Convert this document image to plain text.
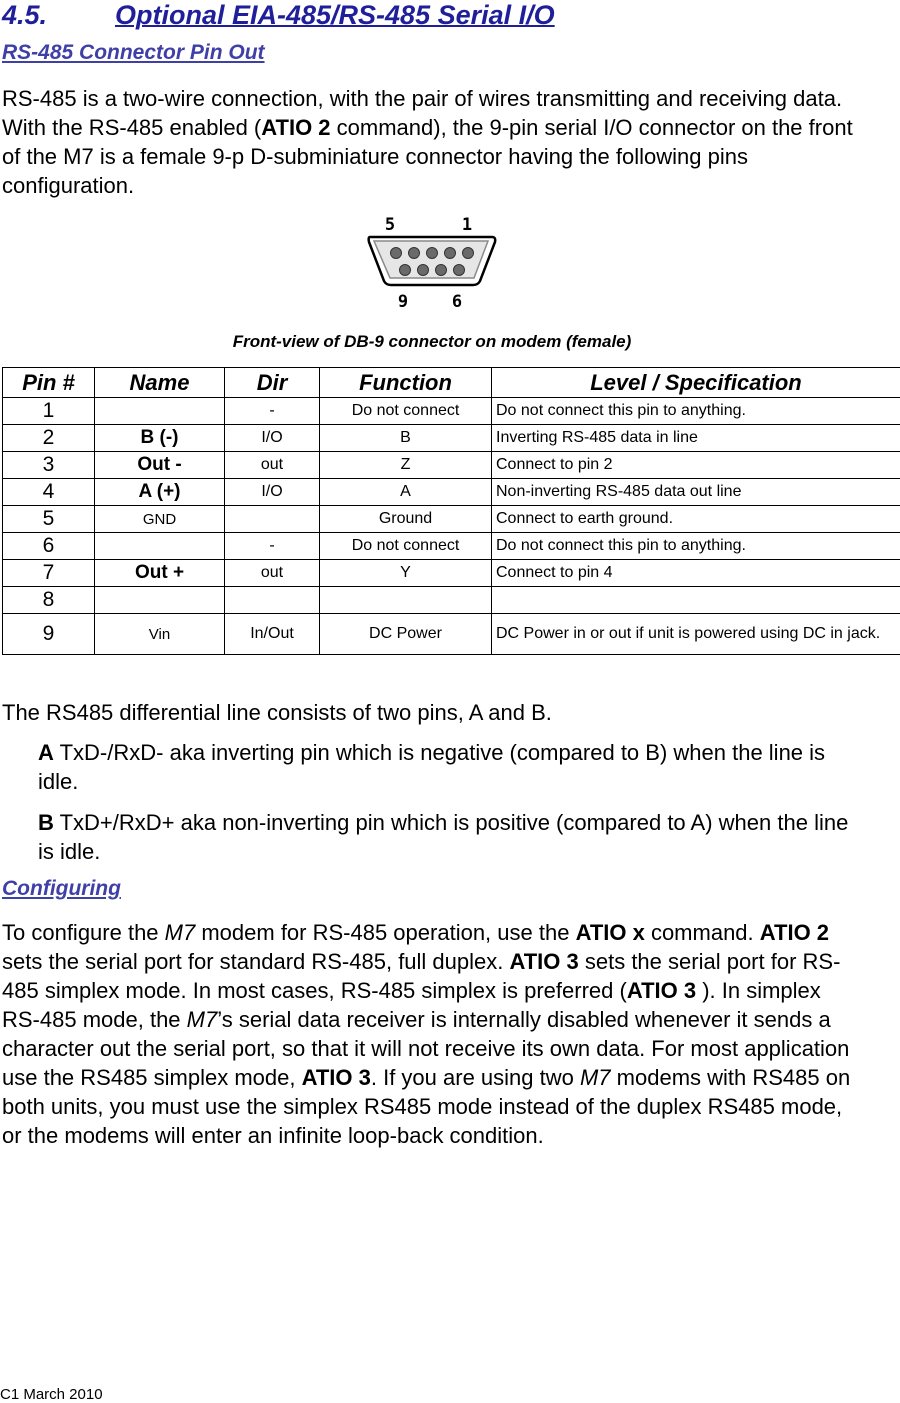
4.5.	Optional EIA-485/RS-485 Serial I/O
RS-485 Connector Pin Out
RS-485 is a two-wire connection, with the pair of wires transmitting and receiving data. With the RS-485 enabled (ATIO 2 command), the 9-pin serial I/O connector on the front of the M7 is a female 9-p D-subminiature connector having the following pins configuration.
5	1
9	6
Front-view of DB-9 connector on modem (female)
Pin #	Name	Dir	Function	Level / Specification
1		-	Do not connect	Do not connect this pin to anything.
2	B (-)	I/O	B	Inverting RS-485 data in line
3	Out -	out	Z	Connect to pin 2
4	A (+)	I/O	A	Non-inverting RS-485 data out line
5	GND		Ground	Connect to earth ground.
6		-	Do not connect	Do not connect this pin to anything.
7	Out +	out	Y	Connect to pin 4
8				
9	Vin	In/Out	DC Power	DC Power in or out if unit is powered using DC in jack.
The RS485 differential line consists of two pins, A and B.
A TxD-/RxD- aka inverting pin which is negative (compared to B) when the line is idle.
B TxD+/RxD+ aka non-inverting pin which is positive (compared to A) when the line is idle.
Configuring
To configure the M7 modem for RS-485 operation, use the ATIO x command. ATIO 2 sets the serial port for standard RS-485, full duplex. ATIO 3 sets the serial port for RS-485 simplex mode. In most cases, RS-485 simplex is preferred (ATIO 3 ). In simplex RS-485 mode, the M7’s serial data receiver is internally disabled whenever it sends a character out the serial port, so that it will not receive its own data. For most application use the RS485 simplex mode, ATIO 3. If you are using two M7 modems with RS485 on both units, you must use the simplex RS485 mode instead of the duplex RS485 mode, or the modems will enter an infinite loop-back condition.
C1 March 2010
